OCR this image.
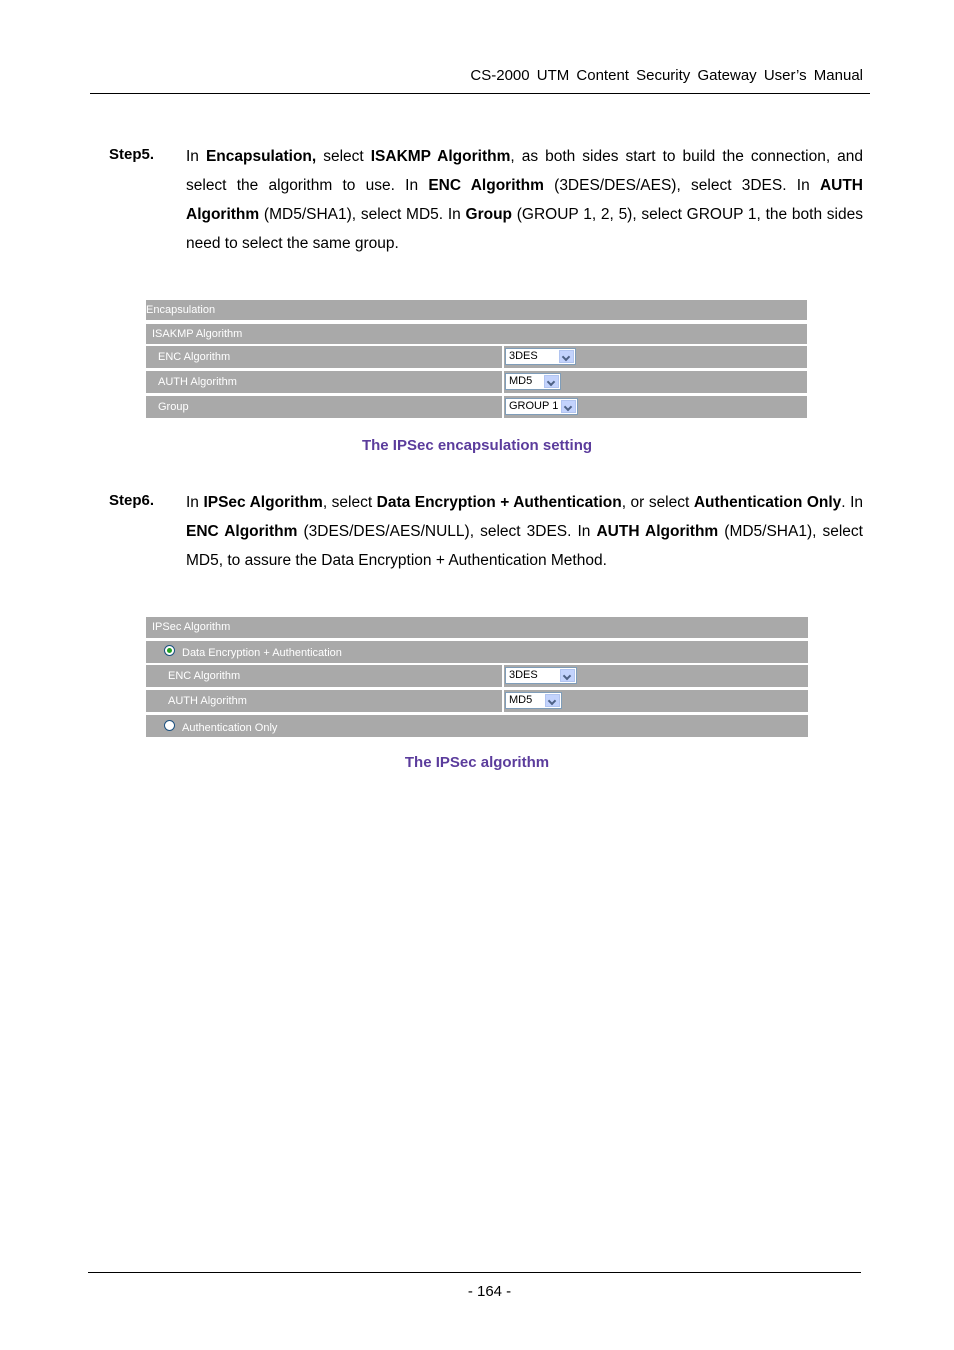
CS-2000 UTM Content Security Gateway User’s Manual
Step5. In Encapsulation, select ISAKMP Algorithm, as both sides start to build the connection, and select the algorithm to use. In ENC Algorithm (3DES/DES/AES), select 3DES. In AUTH Algorithm (MD5/SHA1), select MD5. In Group (GROUP 1, 2, 5), select GROUP 1, the both sides need to select the same group.
Encapsulation
ISAKMP Algorithm
ENC Algorithm	3DES
AUTH Algorithm	MD5
Group	GROUP 1
The IPSec encapsulation setting
Step6. In IPSec Algorithm, select Data Encryption + Authentication, or select Authentication Only. In ENC Algorithm (3DES/DES/AES/NULL), select 3DES. In AUTH Algorithm (MD5/SHA1), select MD5, to assure the Data Encryption + Authentication Method.
IPSec Algorithm
Data Encryption + Authentication
ENC Algorithm	3DES
AUTH Algorithm	MD5
Authentication Only
The IPSec algorithm
- 164 -
